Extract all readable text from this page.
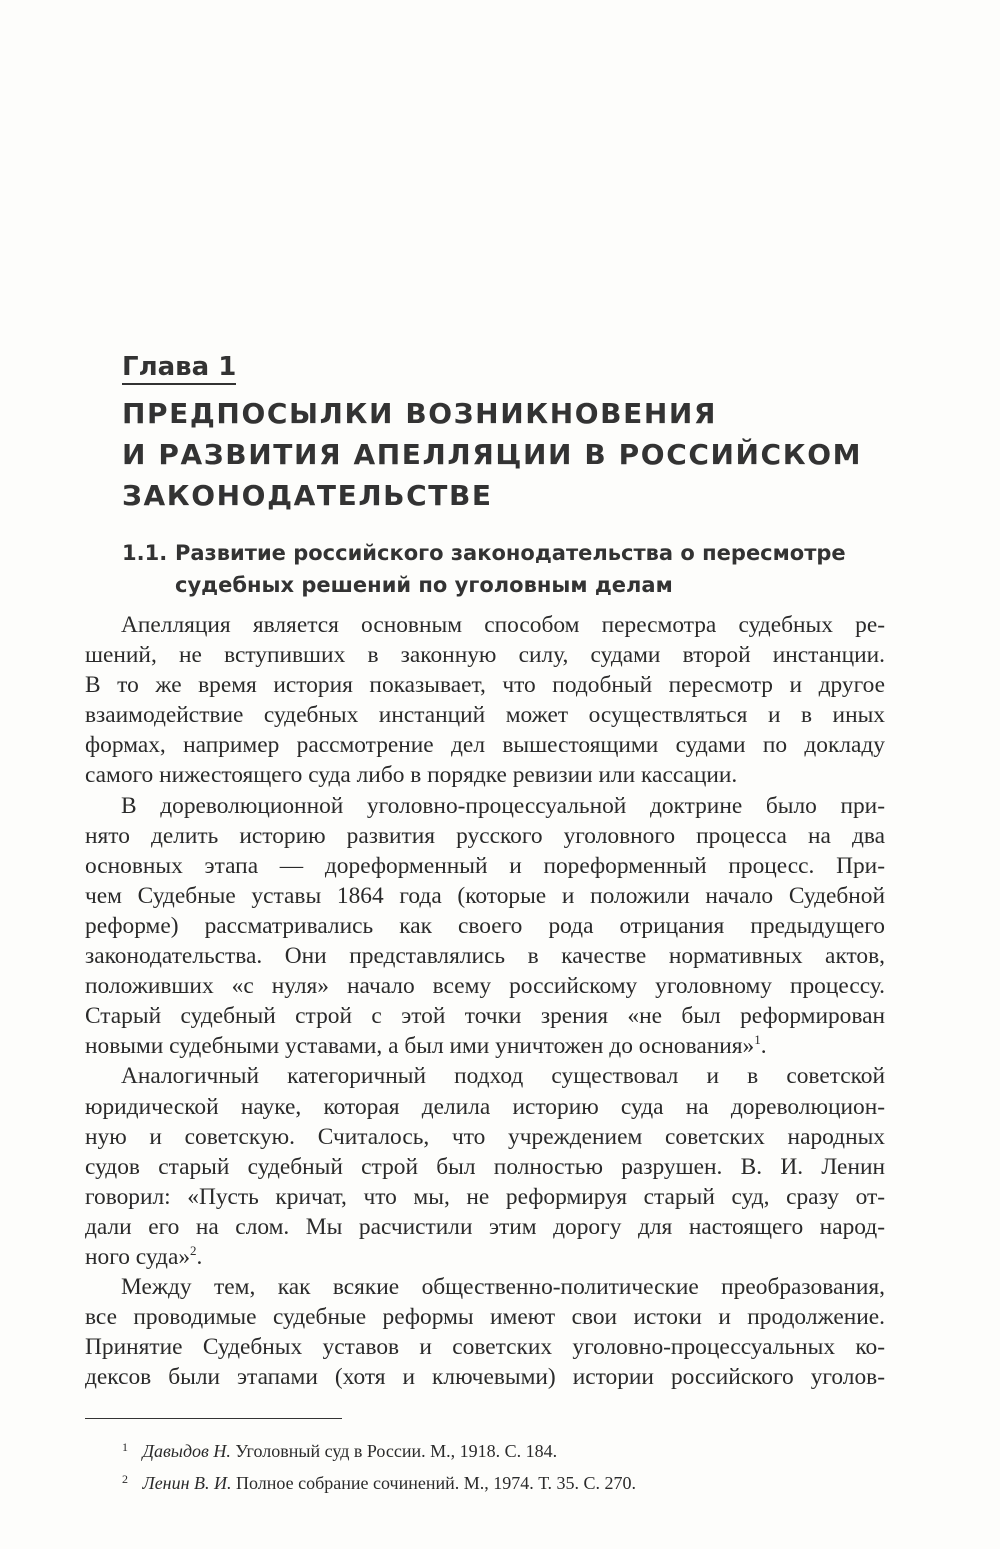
Глава 1
ПРЕДПОСЫЛКИ ВОЗНИКНОВЕНИЯ
И РАЗВИТИЯ АПЕЛЛЯЦИИ В РОССИЙСКОМ
ЗАКОНОДАТЕЛЬСТВЕ
1.1. Развитие российского законодательства о пересмотре
судебных решений по уголовным делам

Апелляция является основным способом пересмотра судебных ре-
шений, не вступивших в законную силу, судами второй инстанции.
В то же время история показывает, что подобный пересмотр и другое
взаимодействие судебных инстанций может осуществляться и в иных
формах, например рассмотрение дел вышестоящими судами по докладу
самого нижестоящего суда либо в порядке ревизии или кассации.

В дореволюционной уголовно-процессуальной доктрине было при-
нято делить историю развития русского уголовного процесса на два
основных этапа — дореформенный и пореформенный процесс. При-
чем Судебные уставы 1864 года (которые и положили начало Судебной
реформе) рассматривались как своего рода отрицания предыдущего
законодательства. Они представлялись в качестве нормативных актов,
положивших «с нуля» начало всему российскому уголовному процессу.
Старый судебный строй с этой точки зрения «не был реформирован
новыми судебными уставами, а был ими уничтожен до основания»$^1$.

Аналогичный категоричный подход существовал и в советской
юридической науке, которая делила историю суда на дореволюцион-
ную и советскую. Считалось, что учреждением советских народных
судов старый судебный строй был полностью разрушен. В. И. Ленин
говорил: «Пусть кричат, что мы, не реформируя старый суд, сразу от-
дали его на слом. Мы расчистили этим дорогу для настоящего народ-
ного суда»$^2$.

Между тем, как всякие общественно-политические преобразования,
все проводимые судебные реформы имеют свои истоки и продолжение.
Принятие Судебных уставов и советских уголовно-процессуальных ко-
дексов были этапами (хотя и ключевыми) истории российского уголов-

$^1$ Давыдов Н. Уголовный суд в России. М., 1918. С. 184.

$^2$ Ленин В. И. Полное собрание сочинений. М., 1974. Т. 35. С. 270.
